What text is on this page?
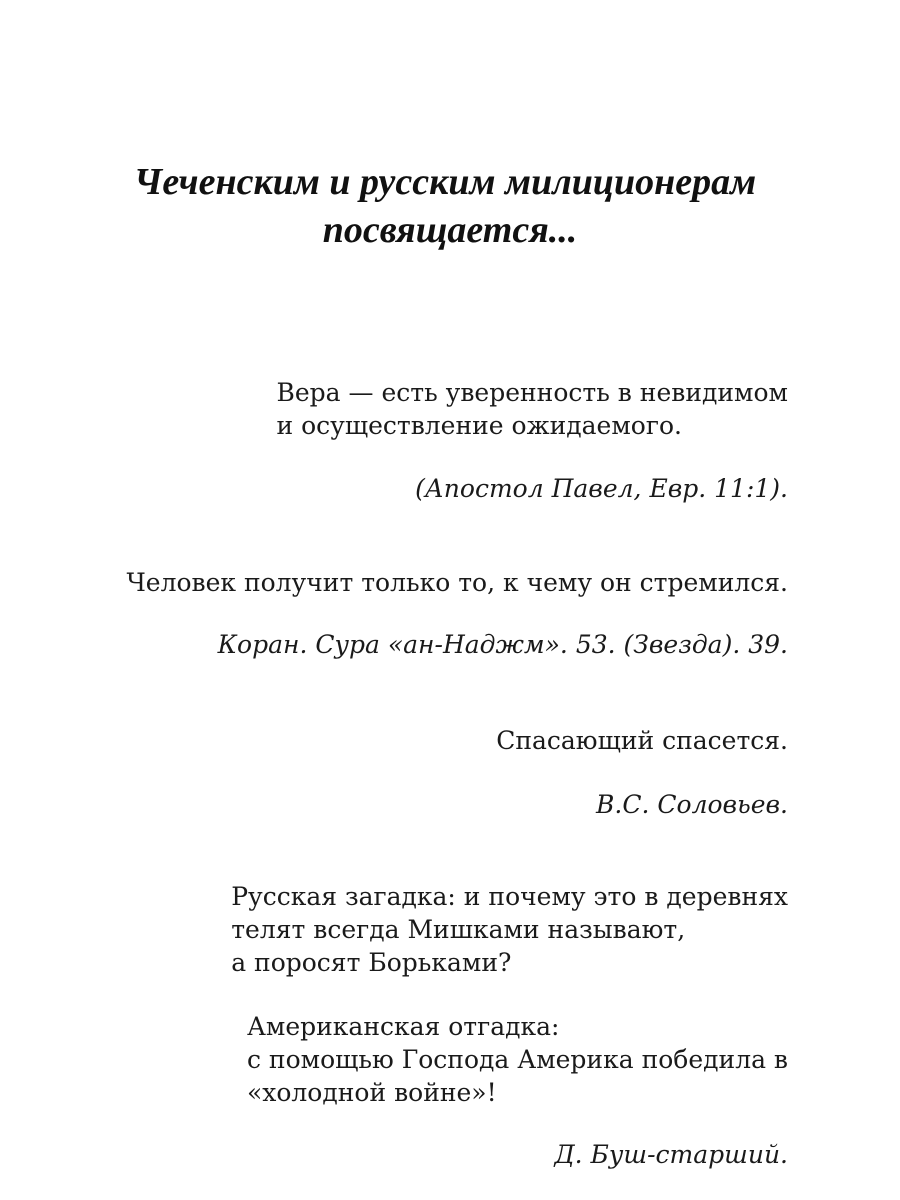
Чеченским и русским милиционерам
посвящается...
Вера — есть уверенность в невидимом
и осуществление ожидаемого.
(Апостол Павел, Евр. 11:1).
Человек получит только то, к чему он стремился.
Коран. Сура «ан-Наджм». 53. (Звезда). 39.
Спасающий спасется.
В.С. Соловьев.
Русская загадка: и почему это в деревнях
телят всегда Мишками называют,
а поросят Борьками?
Американская отгадка:
с помощью Господа Америка победила в
«холодной войне»!
Д. Буш-старший.
